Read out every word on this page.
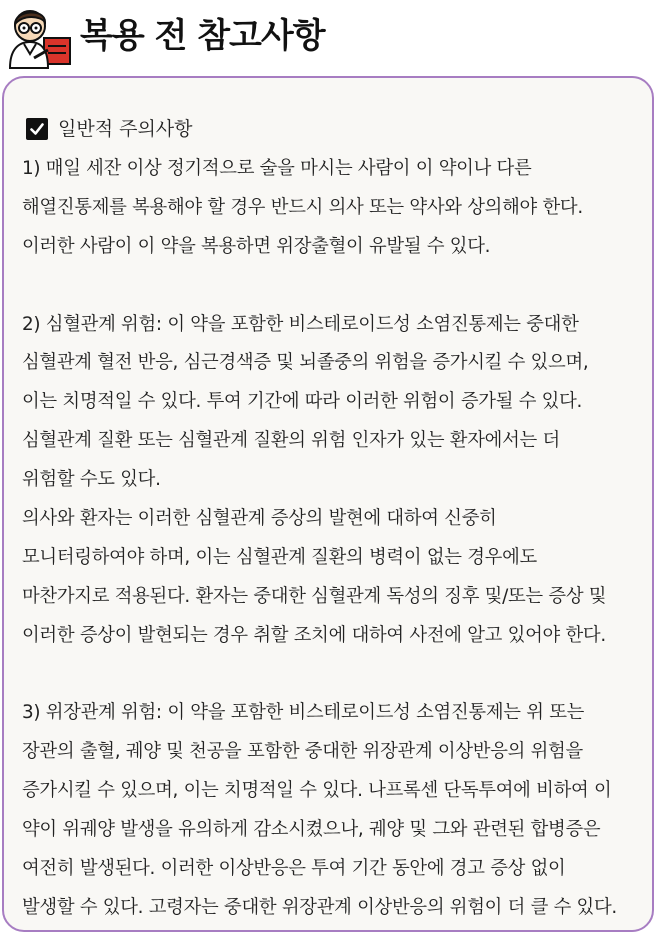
복용 전 참고사항
일반적 주의사항
1) 매일 세잔 이상 정기적으로 술을 마시는 사람이 이 약이나 다른
해열진통제를 복용해야 할 경우 반드시 의사 또는 약사와 상의해야 한다.
이러한 사람이 이 약을 복용하면 위장출혈이 유발될 수 있다.
2) 심혈관계 위험: 이 약을 포함한 비스테로이드성 소염진통제는 중대한
심혈관계 혈전 반응, 심근경색증 및 뇌졸중의 위험을 증가시킬 수 있으며,
이는 치명적일 수 있다. 투여 기간에 따라 이러한 위험이 증가될 수 있다.
심혈관계 질환 또는 심혈관계 질환의 위험 인자가 있는 환자에서는 더
위험할 수도 있다.
의사와 환자는 이러한 심혈관계 증상의 발현에 대하여 신중히
모니터링하여야 하며, 이는 심혈관계 질환의 병력이 없는 경우에도
마찬가지로 적용된다. 환자는 중대한 심혈관계 독성의 징후 및/또는 증상 및
이러한 증상이 발현되는 경우 취할 조치에 대하여 사전에 알고 있어야 한다.
3) 위장관계 위험: 이 약을 포함한 비스테로이드성 소염진통제는 위 또는
장관의 출혈, 궤양 및 천공을 포함한 중대한 위장관계 이상반응의 위험을
증가시킬 수 있으며, 이는 치명적일 수 있다. 나프록센 단독투여에 비하여 이
약이 위궤양 발생을 유의하게 감소시켰으나, 궤양 및 그와 관련된 합병증은
여전히 발생된다. 이러한 이상반응은 투여 기간 동안에 경고 증상 없이
발생할 수 있다. 고령자는 중대한 위장관계 이상반응의 위험이 더 클 수 있다.
